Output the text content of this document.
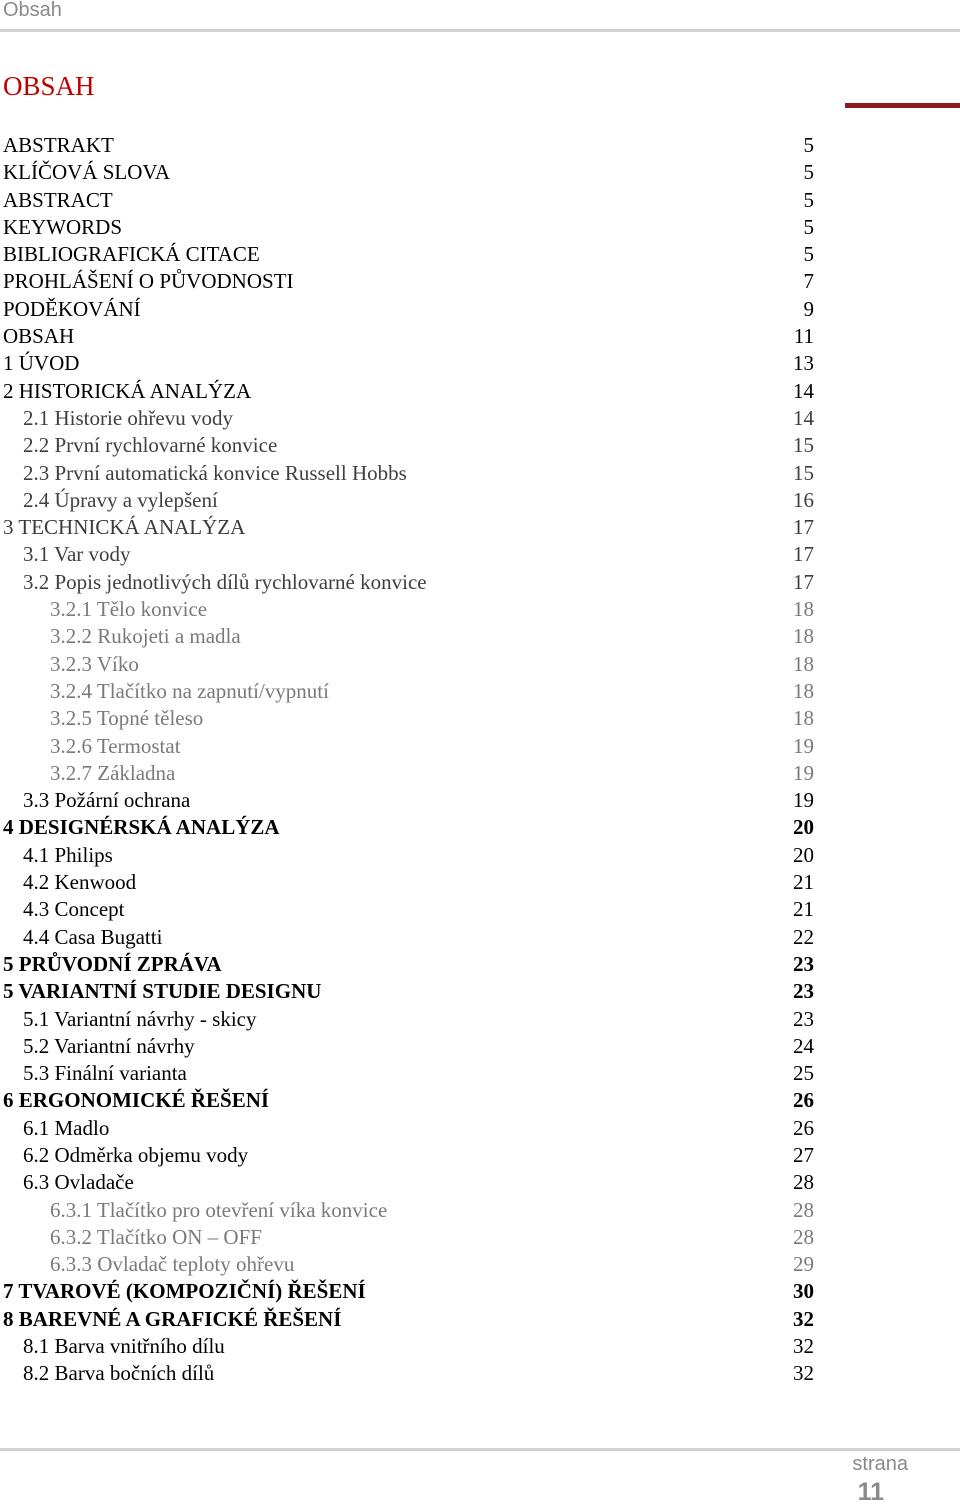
Obsah
OBSAH
ABSTRAKT	5
KLÍČOVÁ SLOVA	5
ABSTRACT	5
KEYWORDS	5
BIBLIOGRAFICKÁ CITACE	5
PROHLÁŠENÍ O PŮVODNOSTI	7
PODĚKOVÁNÍ	9
OBSAH	11
1 ÚVOD	13
2 HISTORICKÁ ANALÝZA	14
2.1 Historie ohřevu vody	14
2.2 První rychlovarné konvice	15
2.3 První automatická konvice Russell Hobbs	15
2.4 Úpravy a vylepšení	16
3 TECHNICKÁ ANALÝZA	17
3.1 Var vody	17
3.2 Popis jednotlivých dílů rychlovarné konvice	17
3.2.1 Tělo konvice	18
3.2.2 Rukojeti a madla	18
3.2.3 Víko	18
3.2.4 Tlačítko na zapnutí/vypnutí	18
3.2.5 Topné těleso	18
3.2.6 Termostat	19
3.2.7 Základna	19
3.3 Požární ochrana	19
4 DESIGNÉRSKÁ ANALÝZA	20
4.1 Philips	20
4.2 Kenwood	21
4.3 Concept	21
4.4 Casa Bugatti	22
5 PRŮVODNÍ ZPRÁVA	23
5 VARIANTNÍ STUDIE DESIGNU	23
5.1 Variantní návrhy - skicy	23
5.2 Variantní návrhy	24
5.3 Finální varianta	25
6 ERGONOMICKÉ ŘEŠENÍ	26
6.1 Madlo	26
6.2 Odměrka objemu vody	27
6.3 Ovladače	28
6.3.1 Tlačítko pro otevření víka konvice	28
6.3.2 Tlačítko ON – OFF	28
6.3.3 Ovladač teploty ohřevu	29
7 TVAROVÉ (KOMPOZIČNÍ) ŘEŠENÍ	30
8 BAREVNÉ A GRAFICKÉ ŘEŠENÍ	32
8.1 Barva vnitřního dílu	32
8.2 Barva bočních dílů	32
strana
11
